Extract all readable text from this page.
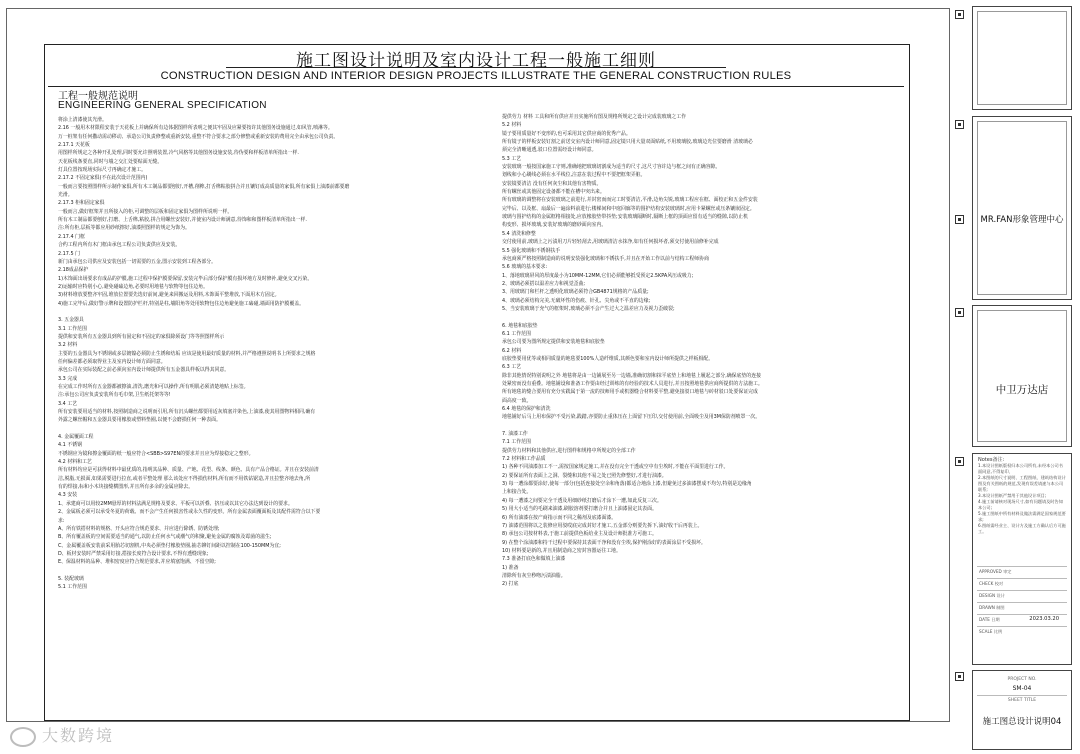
施工图设计说明及室内设计工程一般施工细则
CONSTRUCTION DESIGN AND INTERIOR DESIGN PROJECTS ILLUSTRATE THE GENERAL CONSTRUCTION RULES
工程一般规范说明
ENGINEERING GENERAL SPECIFICATION
将涂上清漆使其光滑。
2.16 一般用木材限程安装于天花板上并确保所有边体据图样所表明之便其牢固及应紧要按许其他图务设施通过,如风管,喷淋等。
万一桩架有任何撒动需动移动、承造公司负责修整或重新安装,重整不符合要求之部分修整或重新安装的费用完全由承包公司负责。
2.17.1 天花板
用图样所规定之各种开孔处理,同时要允许照明装置,冷气风格等其他图务设施安装,待伪要和样板清单所指出一样.
天花板线条要直,同时与墙之交汇处要贴面无缝。
灯具位置按现场实际尺寸再确定才施工。
2.17.2 不固定家俱(不在此次设计范围内)
一般而言要按照图样所示制作家俱,所有木工制品都要刨好,开槽,削榫,打舌榫粘胶拼合并且镶钉成高质量的家俱,所有家俱上油漆前都要磨
光滑。
2.17.3 柜和固定家俱
一般而言,做好框架并且所接入的柜,可调整的层板和固定家俱为图样所说明一样。
所有木工制品都要刨好,打磨、上舌榫,粘胶,拼合用螺丝安装好,并使室内设计师满意,待饰和和图样板清单所指出一样.
注:所有柜,层板等都应用砂纸擦好,油漆照图样的规定为饰为。
2.17.4 门框
合约工程内所有木门框由承包工程公司负责供应及安装。
2.17.5 门
新门由承包公司供应及安装包括一切需要的五金,图示安装到工程各部分。
2.18成品保护
1)木饰面出场要求有成品的护膜,施工过程中保护膜要保留,安装完毕后部分保护膜有损坏地方及时修补,避免交叉污染。
2)运输时应特别小心,避免碰磕边角,必要时用地毯与软物等包住边角。
3)材料堆放要整齐牢固,堆放位置要先选好前间,避免来回搬运及用料,木饰面平整堆放,下面用木方固定。
4)施工完毕后,做好警示牌和设置防护栏杆,特别是柱,墙阳角等处用软物包住边角避免施工磕碰,墙面用防护膜覆盖。
3. 五金器具
3.1 工作范围
提供和安装所有五金器具到所有固定和不固定的家俱除须设门等等照图样所示
3.2 材料
主要的五金器具为不锈钢或多层镀镍必须防止生锈和结垢 应该是使用最好质量的材料,并严格遵照说明书上所要求之规格
任何偏差都必须取得业主及室内设计师方面同意。
承包公司在实际装配之前必须向室内设计师提供所有五金器具样板以得其同意。
3.3 完成
在完成工作时所有五金器都被擦油,清洗,磨光和可以操作,所有明肌必须清楚地贴上标签。
注:承包公司应负责安装所有毛巾架,卫生纸托架等等!
3.4 工艺
所有安装要用适当的材料,按照制造商之说明而引用,所有沉头螺丝都要用适灰填塞并染色,上油漆,使其用图物料相同,确有
外露之螺丝帽和五金器具要用橡胶或塑料垫圈,以便不会磨损任何一种表面。
4. 金属覆面工程
4.1 不锈钢
不锈钢应为镜和擦金覆面的纸一般应符合<SBB>S97EN的要求并且应为焊接稳定之整形。
4.2 材料和工艺
所有材料均应是可获得材料中最优质的,指明其品种、质量、产地、花型、线条、颜色、具有产品合格证。并且在安装前清
洁,脱脂,无损面,如果需要进行拉直,或者平整处理 那么该处应不得损伤材料,所有而不用铁钻锯造,并且拉整齐地去角,所
有的焊接,标和小木块接缝横图形,并且所有多余的金属应除去。
4.3 安装
1、承建商可以用较2MM悬厚的材料法满足规格及要求、平板可以折叠、挤压或以其它办法达到设计的要求。
2、金属板必须可以承受冬夏的荷载、而不会产生任何损害性或永久性的变形。所有金属表面覆面板及其配件需符合以下要
求:
A、所有铁搭材料的规格、开头应符合规范要求、并应进行除锈、防锈处理;
B、所有覆盖板的空间需要适当的通气,以防止任何水气或潮气的积聚,避免金属的腐蚀及霉菌的滋生;
C、金属覆盖板安装前采用胎芯切割机,中央必须垫付橡胶垫圈,抽芯铆钉间距以控制在100-150MM为宜;
D、板材安装时严禁采用钉接,搭接长度符合设计要求,不得有透缝现象;
E、保温材料的品种、堆积密度应符合规范要求,并应填塞饱满、不留空隙;
5. 装配玻璃
5.1 工作范围
提供劳力 材料 工具和所有供应并且实施所有图及规格所规定之设计完成装玻璃之工作
5.2 材料
镜子要用质量好不变形的,也可采用其它供应商的优秀产品。
所有镜子的样板安装钉割之前送交室内设计师同意,固定镜只用大量双面贴纸,不用玻璃胶,玻璃边光位要磨滑 清玻璃必
须完全清晰通透,驳口位置需经设计师同意。
5.3 工艺
安装玻璃一般按国家施工守则,准确地把玻璃切割成为适当的尺寸,这尺寸容许边与框之间有正确容隙。
划线和小心刷线必须在水平线位,注意在装过程中不要把框架弄脏。
安装镜要清洁 没有任何灰尘和其他有害物质。
所有螺丝或其他固定设备都不能在槽中突出来。
所有玻璃的调整将在安装玻璃之前进行,并封密而而完工时要清洁,平滑,边角尖锐,玻璃工程应在框、面校正和五金件安装
完毕后、以及框、扇最后一遍涂料前进行;楼梯间和中庭回廊等的围护结构安装玻璃时,应用卡紧螺丝或压条镶嵌固定。
玻璃与围护结构的金属框格相接处,应放橡胶垫带抖垫;安装玻璃隔断时,隔断上框的顶面应留有适当的缝隙,以防止机
构变形、损坏玻璃,安装好玻璃的磨砂面向室内。
5.4 清洗和修整
交付使用前,玻璃上之污渍用刀片轻轻刮去,用玻璃清洁水抹净,如有任何损坏者,须交付使用前修补完成
5.5 强化玻璃和不锈钢扶手
承包商须严格按照制造商的说明安装强化玻璃和不锈扶手,并且在开始工作以前与结构工程师协商
5.6 玻璃的基本要求:
1、落地玻璃屏风的厚度最小为10MM-12MM,它们必须能够抵受预定2.5KPA风压或吸力;
2、玻璃必须搭以温差应力和视觉歪曲;
3、用玻璃门和栏杆之透明化玻璃必须符合GB4871规格的产品质量;
4、玻璃必须结构完美,无破坏性的伤痕、针孔、尖角或不平直的边缘;
5、当安装玻璃于充气的框架时,玻璃必须不会产生过大之温差应力及视力歪破裂;
6. 地毯和底胶垫
6.1 工作范围
承包公司要为图所规定提供和安装地毯和底胶垫
6.2 材料
底胶垫要用优等或相同质量的地毯要100%人造纤维质,其颜色要和室内设计师所提供之样板相配。
6.3 工艺
除非其他情况特别说明之外 地毯将是由一边铺展至另一边墙,准确切割和抹平底垫上和地毯上履起之部分,确保底垫的连接
处紧密而没有重叠。地毯铺设和准备工作要由经过训练的有经验的技术人员进行,并且按照地毯供应商所提供的方法施工。
所有地毯的缝合要用有充分实践属于第一流的技师用手或机器缝合材料要平整,避免接驳口地毯与砖材驳口处要保证完成
面高度一致。
6.4 地毯的保护和清洗
地毯铺好后马上用布保护不受污染,践踏,亦要防止重体压在上面留下压印,交付使用前,全面吸尘及用3M保防剂喷罩一次。
7. 油漆工作
7.1 工作范围
提供劳力材料和其他供应,进行图样和规格中所规定的全部工作
7.2 材料和工作品质
1) 各种不同油漆加工不一,需按国家规定施工,并在没有完全干透或空中有尘埃时,不能在平面里进行工作。
2) 要保证所有表面上之洞、裂缝和其他不易之处已照先修整好,才进行油漆。
3) 每一遭涂都要涂好,使每一部分(包括连接处空余和角落)都适合地涂上漆,但避免过多油漆摆成不均匀,特别是边缘角
上和接合处。
4) 每一遭漆之间要完全干透及用细砂纸打磨后才涂下一遭,如此反复三次。
5) 用大小适当的毛刷来油漆,刷胶溶剂要打磨合并且上油漆固定其表面。
6) 所有油漆在按产商指示而不同之稀剂及底漆面漆。
7) 油漆范围将以之装修应用驳哎底完成封好才施工,五金部分则要先拆下,油好收干后再装上。
8) 承包公司按材料表,于施工前提供色板给业主及设计师批准方可施工。
9) 在整个涂油漆和持干过程中要保持其表面干净和没有尘埃,保护刚涂好的表面涂层不受损坏。
10) 材料要是新的,并且用制造商之密封容器运往工地。
7.3 准备打底色和做填上油漆
1) 准备
清除所有灰尘秒吻污渍油脂。
2) 打底
MR.FAN形象管理中心
中卫万达店
Notes备注:
1.本设计图纸版权归本公司所有,未经本公司书面同意,不得复印、
2.本图纸的尺寸说明、工程图纸、建筑结构设计图及有关图纸的规范,发现有误差请速与本公司联系;
3.本设计图纸严禁用于其他设计项目;
4.施工前请核对现场尺寸,如有问题请及时告知本公司;
5.施工图纸中所有材料及做法需满足国家规范要求;
6.图纸需经业主、设计方及施工方确认后方可施工。
APPROVED 审定
CHECK 校对
DESIGN 设计
DRAWN 制图
DATE 日期	2023.03.20
SCALE 比例
PROJECT NO.
SM-04
SHEET TITLE
施工图总设计说明04
大数跨境
